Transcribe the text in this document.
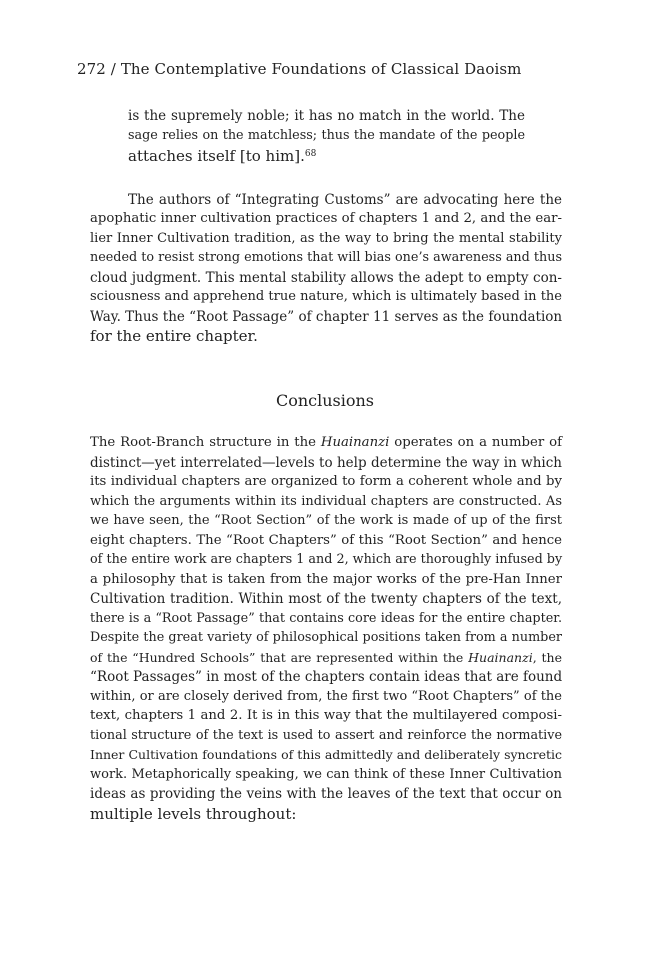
272 / The Contemplative Foundations of Classical Daoism
is the supremely noble; it has no match in the world. The
sage relies on the matchless; thus the mandate of the people
attaches itself [to him].$^{68}$
The authors of “Integrating Customs” are advocating here the
apophatic inner cultivation practices of chapters 1 and 2, and the ear-
lier Inner Cultivation tradition, as the way to bring the mental stability
needed to resist strong emotions that will bias one’s awareness and thus
cloud judgment. This mental stability allows the adept to empty con-
sciousness and apprehend true nature, which is ultimately based in the
Way. Thus the “Root Passage” of chapter 11 serves as the foundation
for the entire chapter.
Conclusions
The Root-Branch structure in the Huainanzi operates on a number of
distinct—yet interrelated—levels to help determine the way in which
its individual chapters are organized to form a coherent whole and by
which the arguments within its individual chapters are constructed. As
we have seen, the “Root Section” of the work is made of up of the first
eight chapters. The “Root Chapters” of this “Root Section” and hence
of the entire work are chapters 1 and 2, which are thoroughly infused by
a philosophy that is taken from the major works of the pre-Han Inner
Cultivation tradition. Within most of the twenty chapters of the text,
there is a “Root Passage” that contains core ideas for the entire chapter.
Despite the great variety of philosophical positions taken from a number
of the “Hundred Schools” that are represented within the Huainanzi, the
“Root Passages” in most of the chapters contain ideas that are found
within, or are closely derived from, the first two “Root Chapters” of the
text, chapters 1 and 2. It is in this way that the multilayered composi-
tional structure of the text is used to assert and reinforce the normative
Inner Cultivation foundations of this admittedly and deliberately syncretic
work. Metaphorically speaking, we can think of these Inner Cultivation
ideas as providing the veins with the leaves of the text that occur on
multiple levels throughout:
